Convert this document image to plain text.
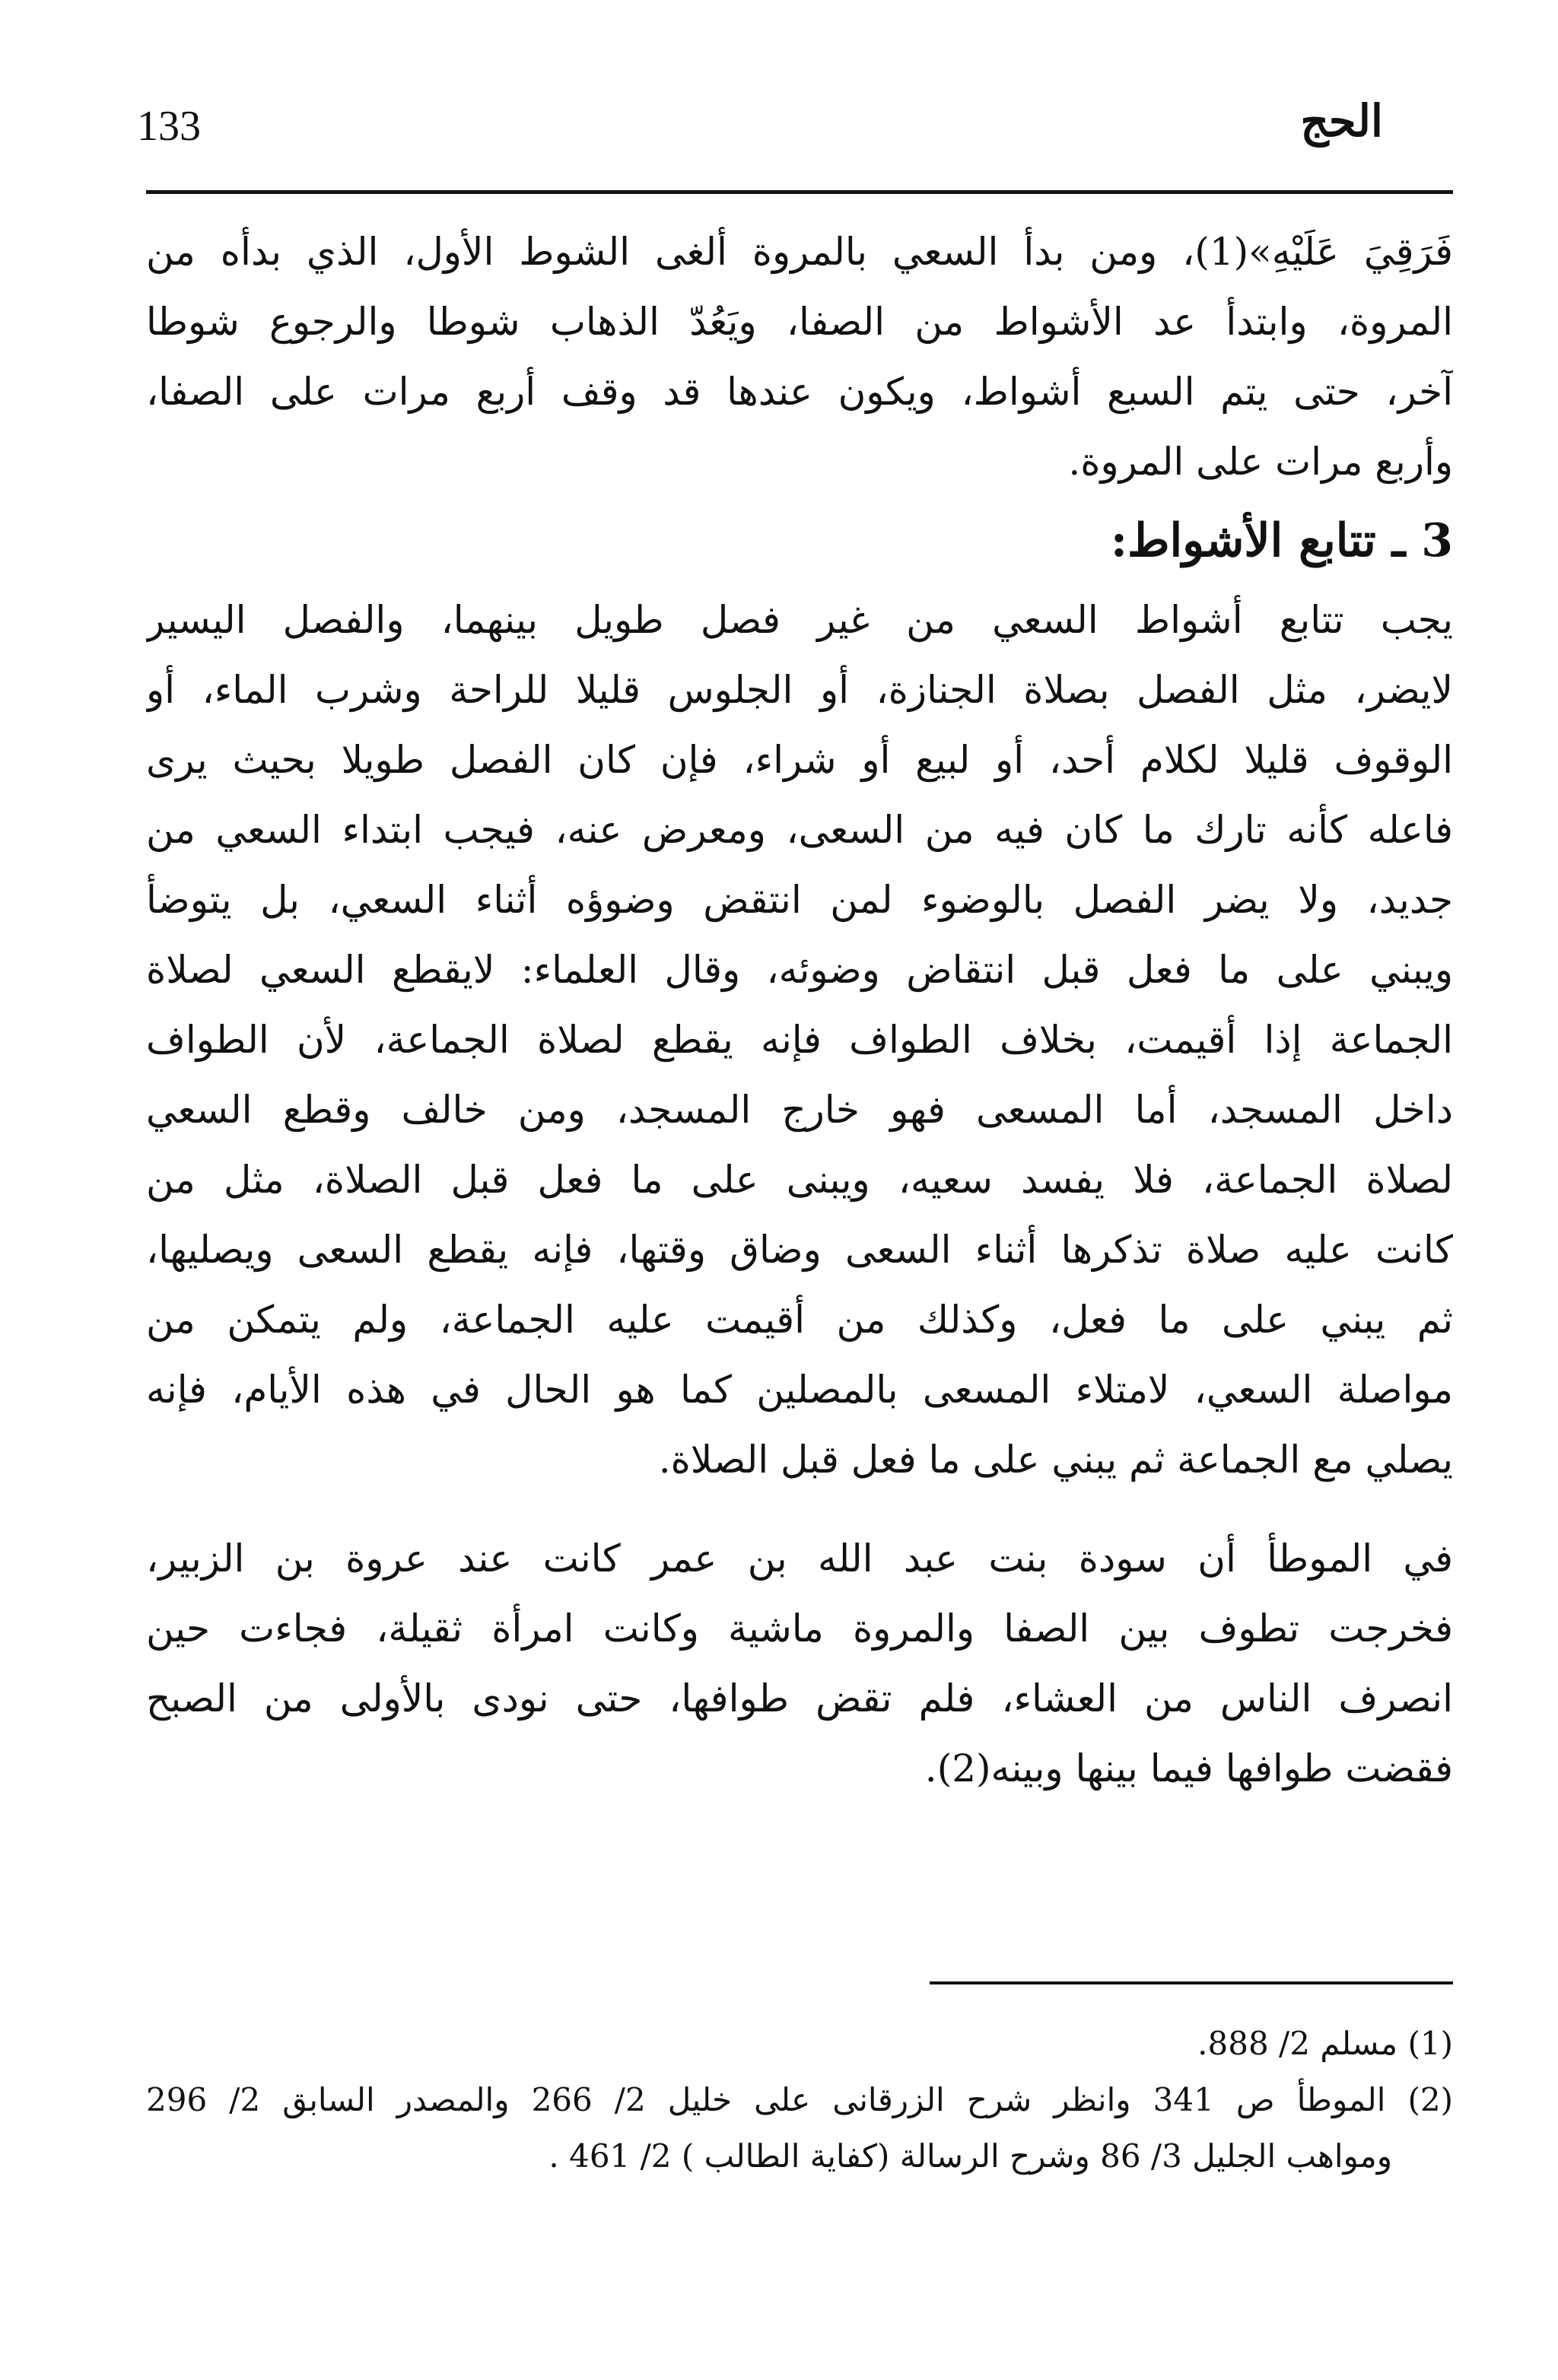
133	الحج
فَرَقِيَ عَلَيْهِ»(1)، ومن بدأ السعي بالمروة ألغى الشوط الأول، الذي بدأه من
المروة، وابتدأ عد الأشواط من الصفا، ويَعُدّ الذهاب شوطا والرجوع شوطا
آخر، حتى يتم السبع أشواط، ويكون عندها قد وقف أربع مرات على الصفا،
وأربع مرات على المروة.
3 ـ تتابع الأشواط:
يجب تتابع أشواط السعي من غير فصل طويل بينهما، والفصل اليسير
لايضر، مثل الفصل بصلاة الجنازة، أو الجلوس قليلا للراحة وشرب الماء، أو
الوقوف قليلا لكلام أحد، أو لبيع أو شراء، فإن كان الفصل طويلا بحيث يرى
فاعله كأنه تارك ما كان فيه من السعى، ومعرض عنه، فيجب ابتداء السعي من
جديد، ولا يضر الفصل بالوضوء لمن انتقض وضوؤه أثناء السعي، بل يتوضأ
ويبني على ما فعل قبل انتقاض وضوئه، وقال العلماء: لايقطع السعي لصلاة
الجماعة إذا أقيمت، بخلاف الطواف فإنه يقطع لصلاة الجماعة، لأن الطواف
داخل المسجد، أما المسعى فهو خارج المسجد، ومن خالف وقطع السعي
لصلاة الجماعة، فلا يفسد سعيه، ويبنى على ما فعل قبل الصلاة، مثل من
كانت عليه صلاة تذكرها أثناء السعى وضاق وقتها، فإنه يقطع السعى ويصليها،
ثم يبني على ما فعل، وكذلك من أقيمت عليه الجماعة، ولم يتمكن من
مواصلة السعي، لامتلاء المسعى بالمصلين كما هو الحال في هذه الأيام، فإنه
يصلي مع الجماعة ثم يبني على ما فعل قبل الصلاة.
في الموطأ أن سودة بنت عبد الله بن عمر كانت عند عروة بن الزبير،
فخرجت تطوف بين الصفا والمروة ماشية وكانت امرأة ثقيلة، فجاءت حين
انصرف الناس من العشاء، فلم تقض طوافها، حتى نودى بالأولى من الصبح
فقضت طوافها فيما بينها وبينه(2).
(1) مسلم 2/ 888.
(2) الموطأ ص 341 وانظر شرح الزرقانى على خليل 2/ 266 والمصدر السابق 2/ 296
ومواهب الجليل 3/ 86 وشرح الرسالة (كفاية الطالب ) 2/ 461 .
